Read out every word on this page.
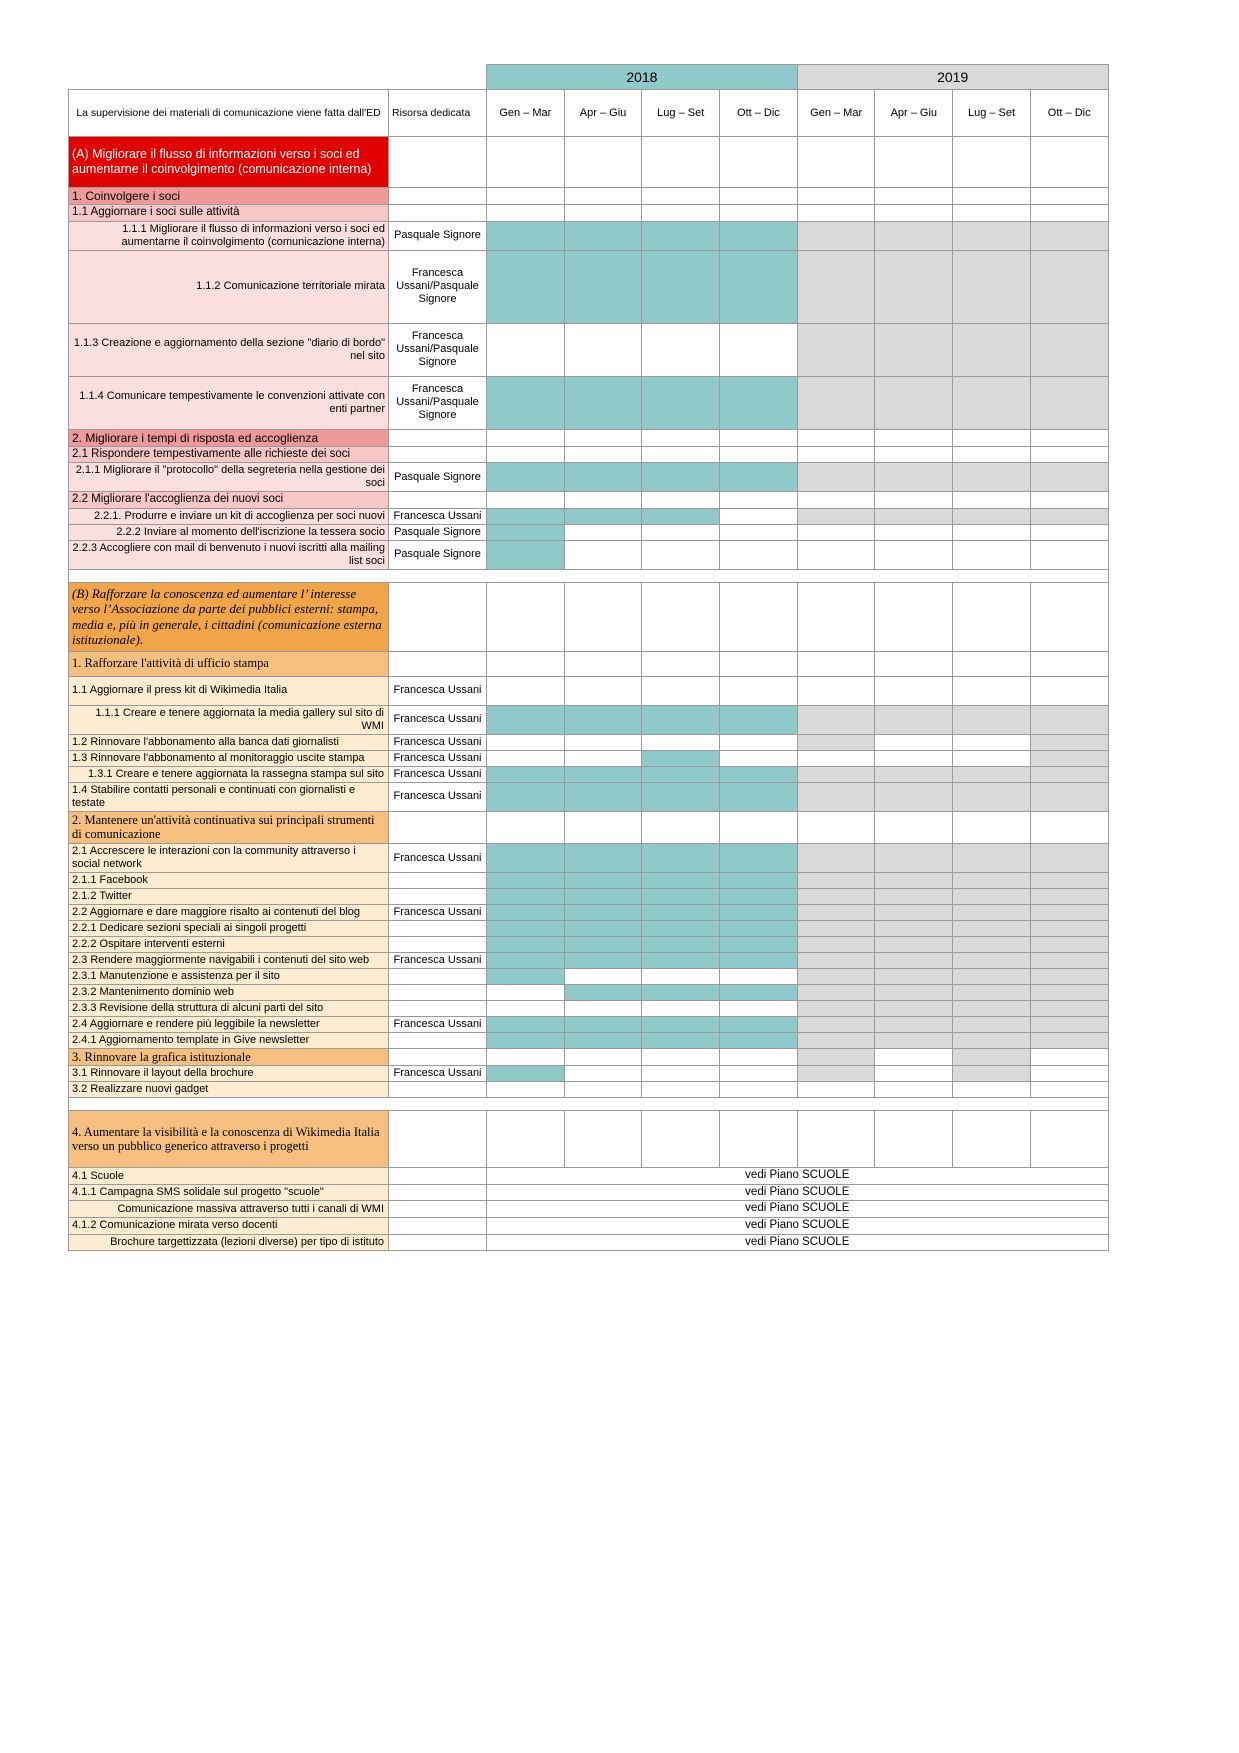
		2018				2019			
La supervisione dei materiali di comunicazione viene fatta dall'ED	Risorsa dedicata	Gen – Mar	Apr – Giu	Lug – Set	Ott – Dic	Gen – Mar	Apr – Giu	Lug – Set	Ott – Dic
(A) Migliorare il flusso di informazioni verso i soci ed aumentarne il coinvolgimento (comunicazione interna)									
1. Coinvolgere i soci									
1.1 Aggiornare i soci sulle attività									
1.1.1 Migliorare il flusso di informazioni verso i soci ed aumentarne il coinvolgimento (comunicazione interna)	Pasquale Signore								
1.1.2 Comunicazione territoriale mirata	Francesca Ussani/Pasquale Signore								
1.1.3 Creazione e aggiornamento della sezione "diario di bordo" nel sito	Francesca Ussani/Pasquale Signore								
1.1.4 Comunicare tempestivamente le convenzioni attivate con enti partner	Francesca Ussani/Pasquale Signore								
2. Migliorare i tempi di risposta ed accoglienza									
2.1 Rispondere tempestivamente alle richieste dei soci									
2.1.1 Migliorare il "protocollo" della segreteria nella gestione dei soci	Pasquale Signore								
2.2 Migliorare l'accoglienza dei nuovi soci									
2.2.1. Produrre e inviare un kit di accoglienza per soci nuovi	Francesca Ussani								
2.2.2 Inviare al momento dell'iscrizione la tessera socio	Pasquale Signore								
2.2.3 Accogliere con mail di benvenuto i nuovi iscritti alla mailing list soci	Pasquale Signore								

(B) Rafforzare la conoscenza ed aumentare l’ interesse verso l’Associazione da parte dei pubblici esterni: stampa, media e, più in generale, i cittadini (comunicazione esterna istituzionale).									
1. Rafforzare l'attività di ufficio stampa									
1.1 Aggiornare il press kit di Wikimedia Italia	Francesca Ussani								
1.1.1 Creare e tenere aggiornata la media gallery sul sito di WMI	Francesca Ussani								
1.2 Rinnovare l'abbonamento alla banca dati giornalisti	Francesca Ussani								
1.3 Rinnovare l'abbonamento al monitoraggio uscite stampa	Francesca Ussani								
1.3.1 Creare e tenere aggiornata la rassegna stampa sul sito	Francesca Ussani								
1.4 Stabilire contatti personali e continuati con giornalisti e testate	Francesca Ussani								
2. Mantenere un'attività continuativa sui principali strumenti di comunicazione									
2.1 Accrescere le interazioni con la community attraverso i social network	Francesca Ussani								
2.1.1 Facebook									
2.1.2 Twitter									
2.2 Aggiornare e dare maggiore risalto ai contenuti del blog	Francesca Ussani								
2.2.1 Dedicare sezioni speciali ai singoli progetti									
2.2.2 Ospitare interventi esterni									
2.3 Rendere maggiormente navigabili i contenuti del sito web	Francesca Ussani								
2.3.1 Manutenzione e assistenza per il sito									
2.3.2 Mantenimento dominio web									
2.3.3 Revisione della struttura di alcuni parti del sito									
2.4 Aggiornare e rendere più leggibile la newsletter	Francesca Ussani								
2.4.1 Aggiornamento template in Give newsletter									
3. Rinnovare la grafica istituzionale									
3.1 Rinnovare il layout della brochure	Francesca Ussani								
3.2 Realizzare nuovi gadget									

4. Aumentare la visibilità e la conoscenza di Wikimedia Italia verso un pubblico generico attraverso i progetti									
4.1 Scuole		vedi Piano SCUOLE							
4.1.1 Campagna SMS solidale sul progetto "scuole"		vedi Piano SCUOLE							
Comunicazione massiva attraverso tutti i canali di WMI		vedi Piano SCUOLE							
4.1.2 Comunicazione mirata verso docenti		vedi Piano SCUOLE							
Brochure targettizzata (lezioni diverse) per tipo di istituto		vedi Piano SCUOLE							
